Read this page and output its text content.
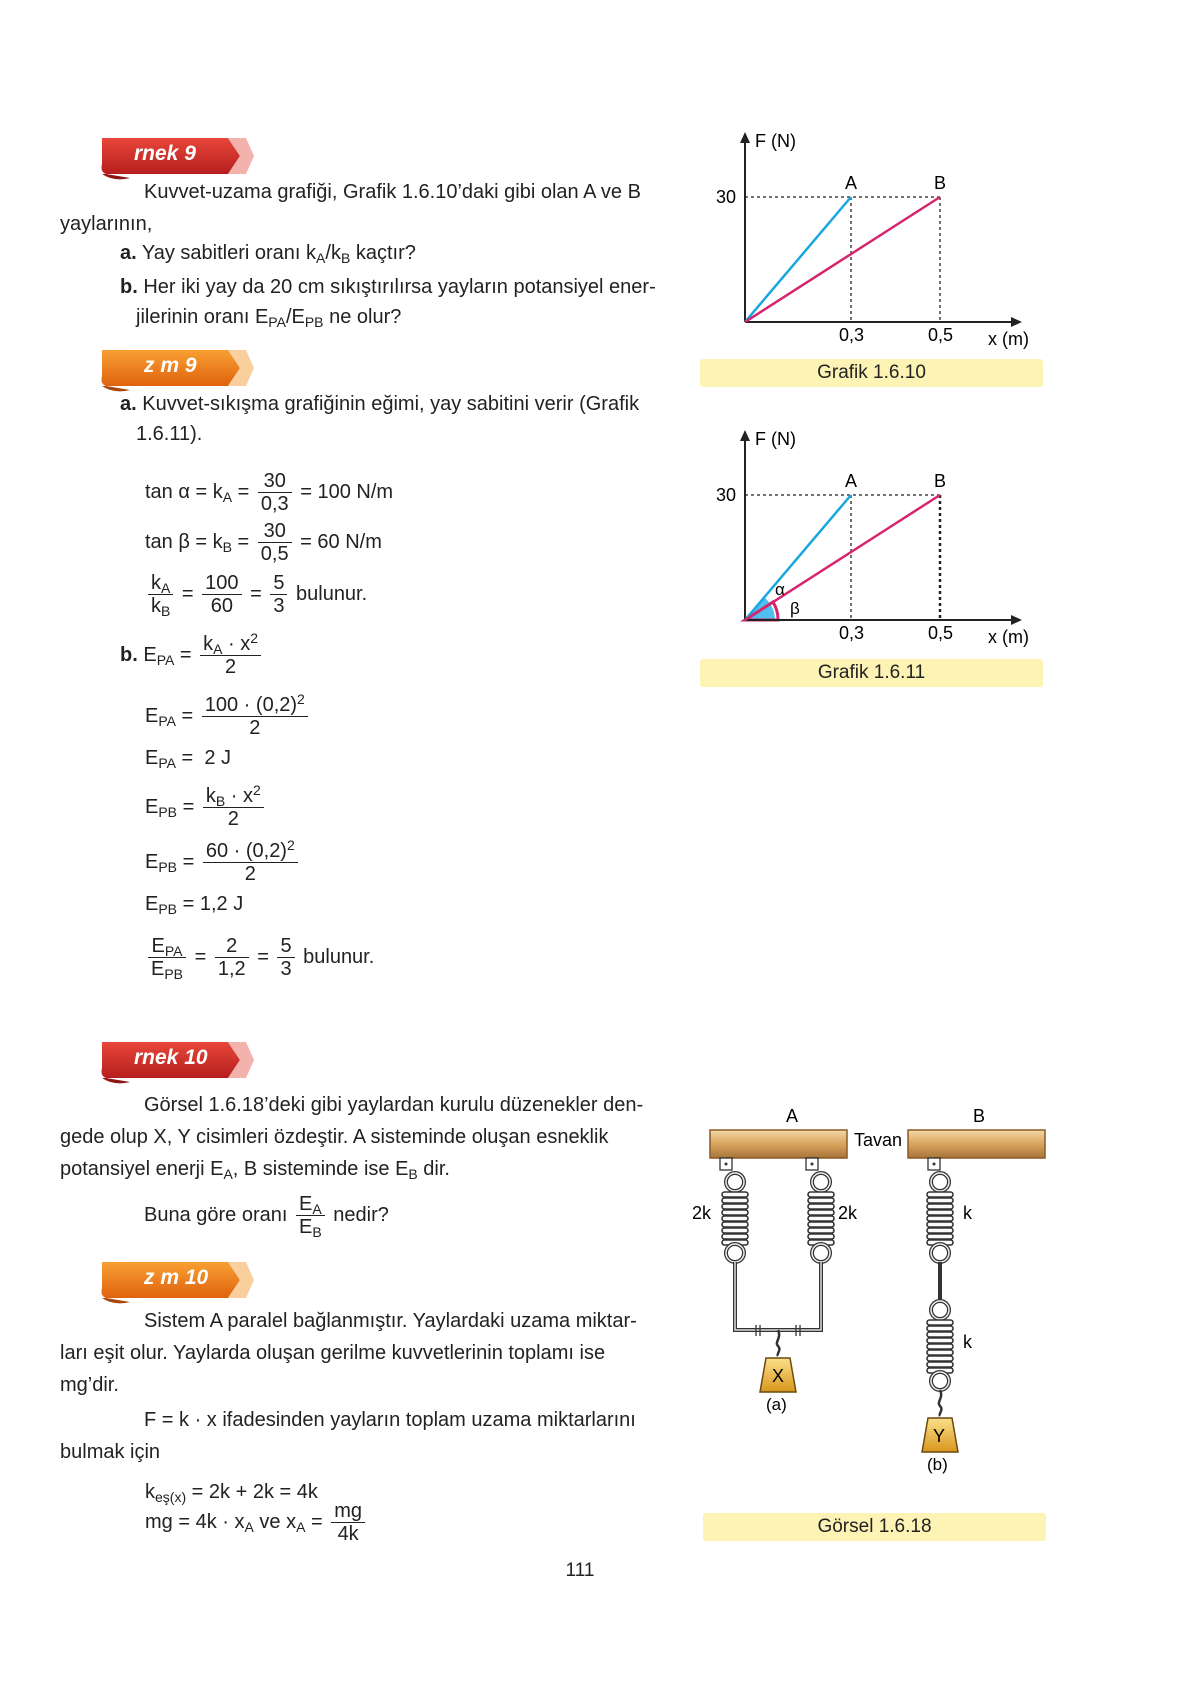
rnek 9
Kuvvet-uzama grafiği, Grafik 1.6.10’daki gibi olan A ve B
yaylarının,
a. Yay sabitleri oranı $k_A/k_B$ kaçtır?
b. Her iki yay da 20 cm sıkıştırılırsa yayların potansiyel ener-
jilerinin oranı $E_{PA}/E_{PB}$ ne olur?
z m 9
a. Kuvvet-sıkışma grafiğinin eğimi, yay sabitini verir (Grafik
1.6.11).
$\tan \alpha = k_A = \frac{30}{0,3} = 100$ N/m
$\tan \beta = k_B = \frac{30}{0,5} = 60$ N/m
$\frac{k_A}{k_B} = \frac{100}{60} = \frac{5}{3}$ bulunur.
b. $E_{PA} = \frac{k_A \cdot x^2}{2}$
$E_{PA} = \frac{100 \cdot (0,2)^2}{2}$
$E_{PA} = 2$ J
$E_{PB} = \frac{k_B \cdot x^2}{2}$
$E_{PB} = \frac{60 \cdot (0,2)^2}{2}$
$E_{PB} = 1,2$ J
$\frac{E_{PA}}{E_{PB}} = \frac{2}{1,2} = \frac{5}{3}$ bulunur.
rnek 10
Görsel 1.6.18’deki gibi yaylardan kurulu düzenekler den-
gede olup X, Y cisimleri özdeştir. A sisteminde oluşan esneklik
potansiyel enerji $E_A$, B sisteminde ise $E_B$ dir.
Buna göre oranı $\frac{E_A}{E_B}$ nedir?
z m 10
Sistem A paralel bağlanmıştır. Yaylardaki uzama miktar-
ları eşit olur. Yaylarda oluşan gerilme kuvvetlerinin toplamı ise
mg’dir.
F = k · x ifadesinden yayların toplam uzama miktarlarını
bulmak için
$k_{eş(x)} = 2k + 2k = 4k$
mg = $4k \cdot x_A$ ve $x_A = \frac{mg}{4k}$
111
F (N)
x (m)
30
A	B
0,3	0,5
Grafik 1.6.10
F (N)
x (m)
30
α
β
A	B
0,3	0,5
Grafik 1.6.11
A	B
Tavan
2k	2k
X
(a)
k
k
Y
(b)
Görsel 1.6.18
